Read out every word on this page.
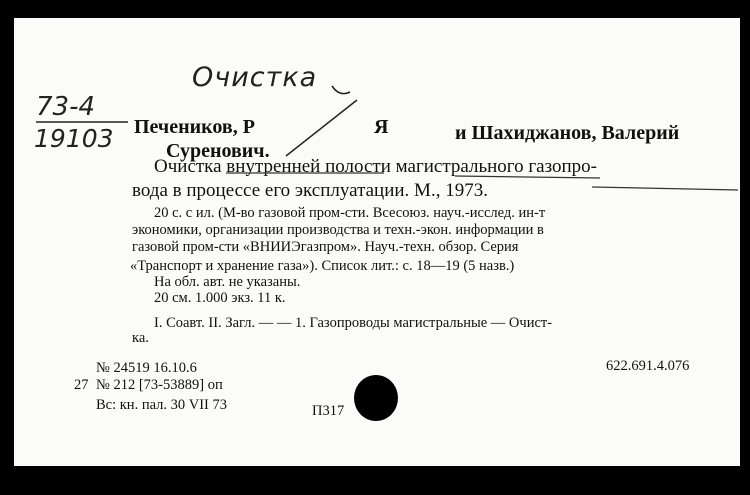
Очистка
73-4
19103 Печеников, Р	Я	и Шахиджанов, Валерий
Суренович.
Очистка внутренней полости магистрального газопро-
вода в процессе его эксплуатации. М., 1973.
20 с. с ил. (М-во газовой пром-сти. Всесоюз. науч.-исслед. ин-т
экономики, организации производства и техн.-экон. информации в
газовой пром-сти «ВНИИЭгазпром». Науч.-техн. обзор. Серия
«Транспорт и хранение газа»). Список лит.: с. 18—19 (5 назв.)
На обл. авт. не указаны.
20 см. 1.000 экз. 11 к.
I. Соавт. II. Загл. — — 1. Газопроводы магистральные — Очист-
ка.
№ 24519 16.10.6
27 № 212 [73-53889] оп
Вс: кн. пал. 30 VII 73	П317
622.691.4.076
